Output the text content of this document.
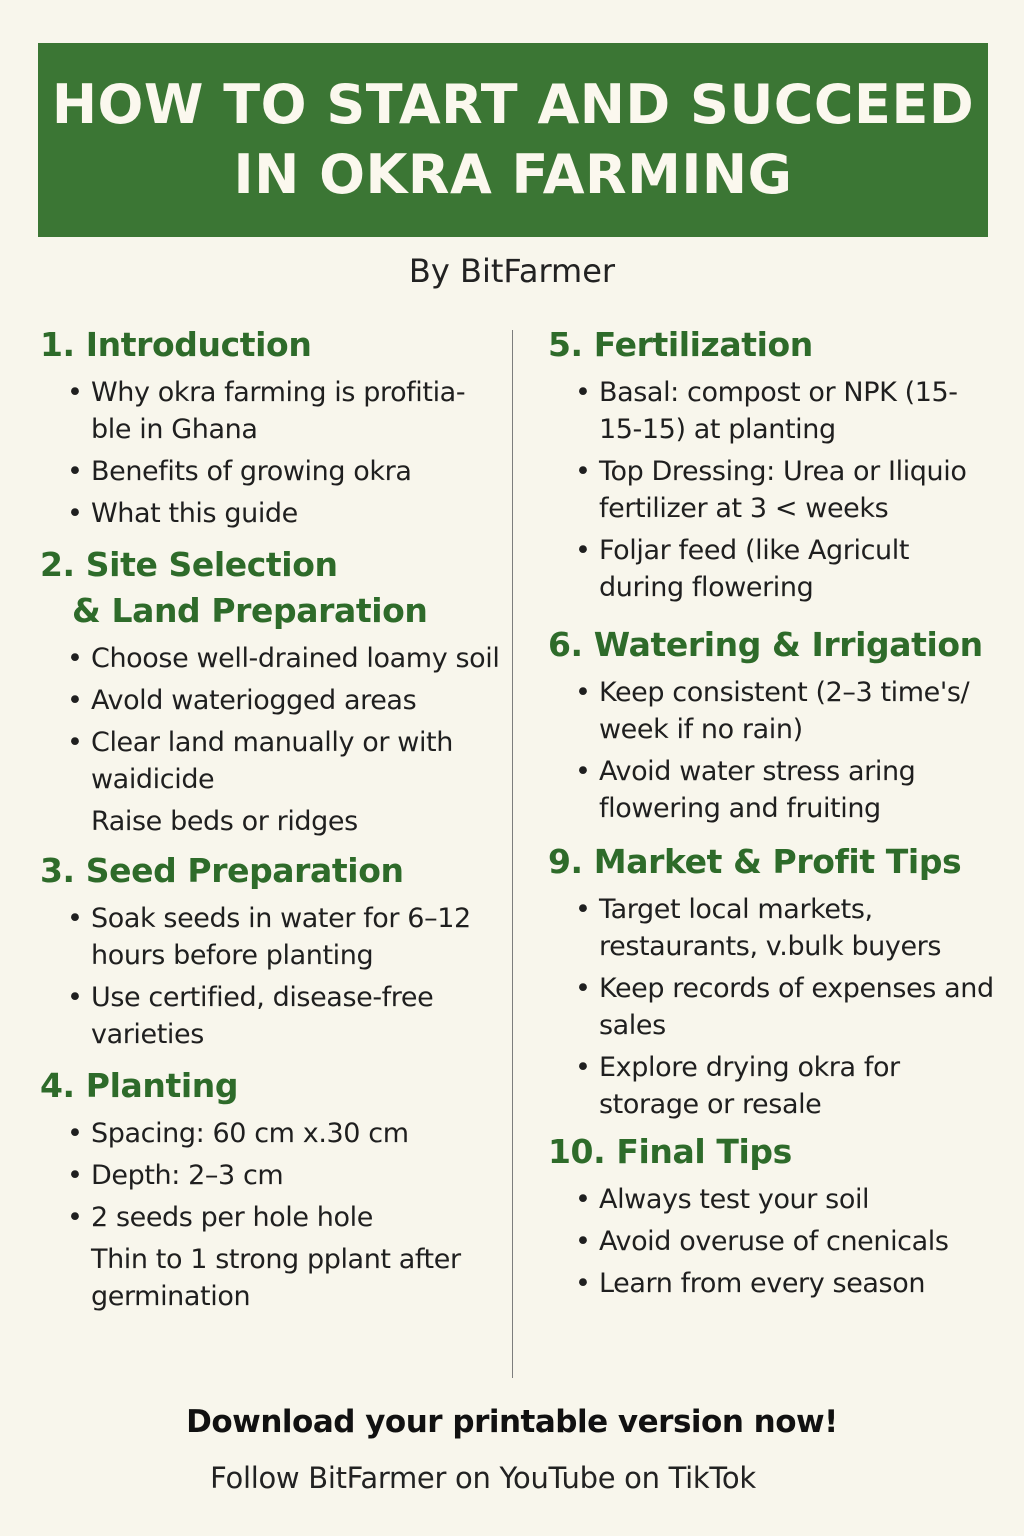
HOW TO START AND SUCCEED
IN OKRA FARMING
By BitFarmer
1. Introduction
• Why okra farming is profitia-ble in Ghana
• Benefits of growing okra
• What this guide
2. Site Selection
& Land Preparation
• Choose well-drained loamy soil
• Avold wateriogged areas
• Clear land manually or with waidicide
Raise beds or ridges
3. Seed Preparation
• Soak seeds in water for 6–12 hours before planting
• Use certified, disease-free varieties
4. Planting
• Spacing: 60 cm x.30 cm
• Depth: 2–3 cm
• 2 seeds per hole hole
Thin to 1 strong pplant after germination
5. Fertilization
• Basal: compost or NPK (15-15-15) at planting
• Top Dressing: Urea or Iliquio fertilizer at 3 < weeks
• Foljar feed (like Agricult during flowering
6. Watering & Irrigation
• Keep consistent (2–3 time's/ week if no rain)
• Avoid water stress aring flowering and fruiting
9. Market & Profit Tips
• Target local markets, restaurants, v.bulk buyers
• Keep records of expenses and sales
• Explore drying okra for storage or resale
10. Final Tips
• Always test your soil
• Avoid overuse of cnenicals
• Learn from every season
Download your printable version now!
Follow BitFarmer on YouTube on TikTok
